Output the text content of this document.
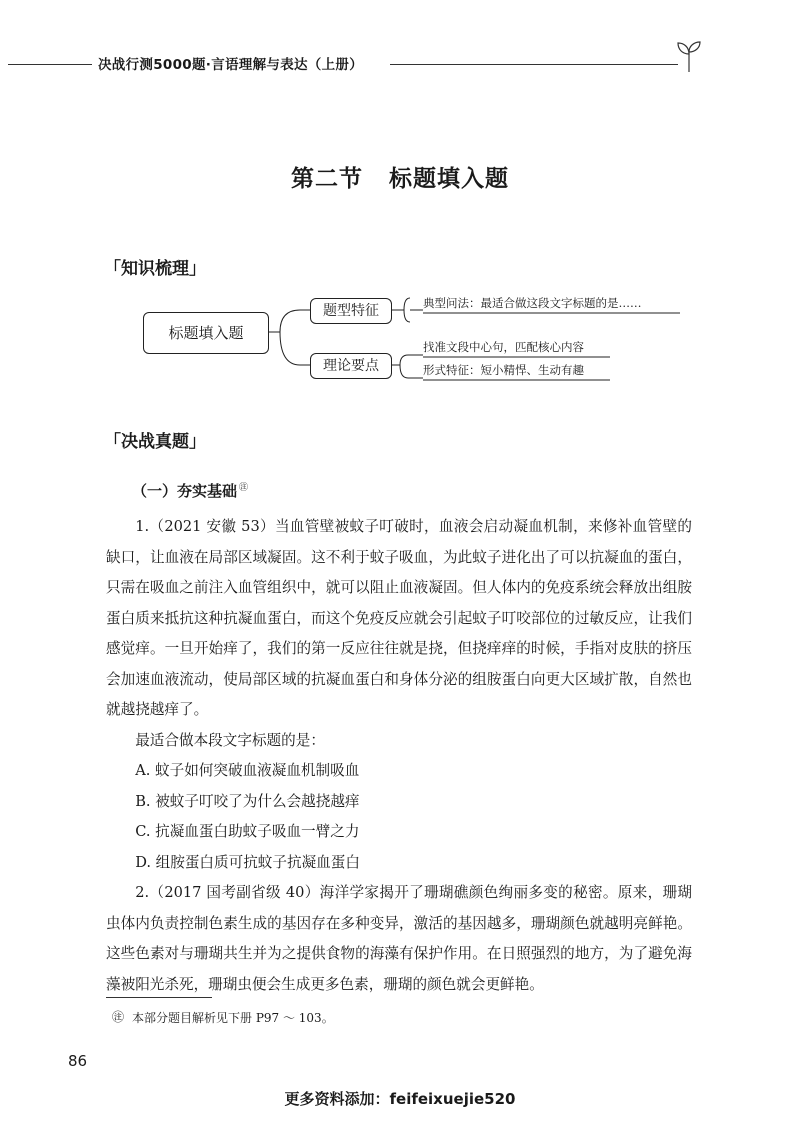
决战行测5000题·言语理解与表达（上册）
第二节 标题填入题
「知识梳理」
标题填入题
题型特征
理论要点
典型问法：最适合做这段文字标题的是……
找准文段中心句，匹配核心内容
形式特征：短小精悍、生动有趣
「决战真题」
（一）夯实基础 ㊟

1.（2021 安徽 53）当血管壁被蚊子叮破时，血液会启动凝血机制，来修补血管壁的缺口，让血液在局部区域凝固。这不利于蚊子吸血，为此蚊子进化出了可以抗凝血的蛋白，只需在吸血之前注入血管组织中，就可以阻止血液凝固。但人体内的免疫系统会释放出组胺蛋白质来抵抗这种抗凝血蛋白，而这个免疫反应就会引起蚊子叮咬部位的过敏反应，让我们感觉痒。一旦开始痒了，我们的第一反应往往就是挠，但挠痒痒的时候，手指对皮肤的挤压会加速血液流动，使局部区域的抗凝血蛋白和身体分泌的组胺蛋白向更大区域扩散，自然也就越挠越痒了。

最适合做本段文字标题的是：

A. 蚊子如何突破血液凝血机制吸血

B. 被蚊子叮咬了为什么会越挠越痒

C. 抗凝血蛋白助蚊子吸血一臂之力

D. 组胺蛋白质可抗蚊子抗凝血蛋白

2.（2017 国考副省级 40）海洋学家揭开了珊瑚礁颜色绚丽多变的秘密。原来，珊瑚虫体内负责控制色素生成的基因存在多种变异，激活的基因越多，珊瑚颜色就越明亮鲜艳。这些色素对与珊瑚共生并为之提供食物的海藻有保护作用。在日照强烈的地方，为了避免海藻被阳光杀死，珊瑚虫便会生成更多色素，珊瑚的颜色就会更鲜艳。

㊟ 本部分题目解析见下册 P97 ～ 103。
86
更多资料添加：feifeixuejie520
